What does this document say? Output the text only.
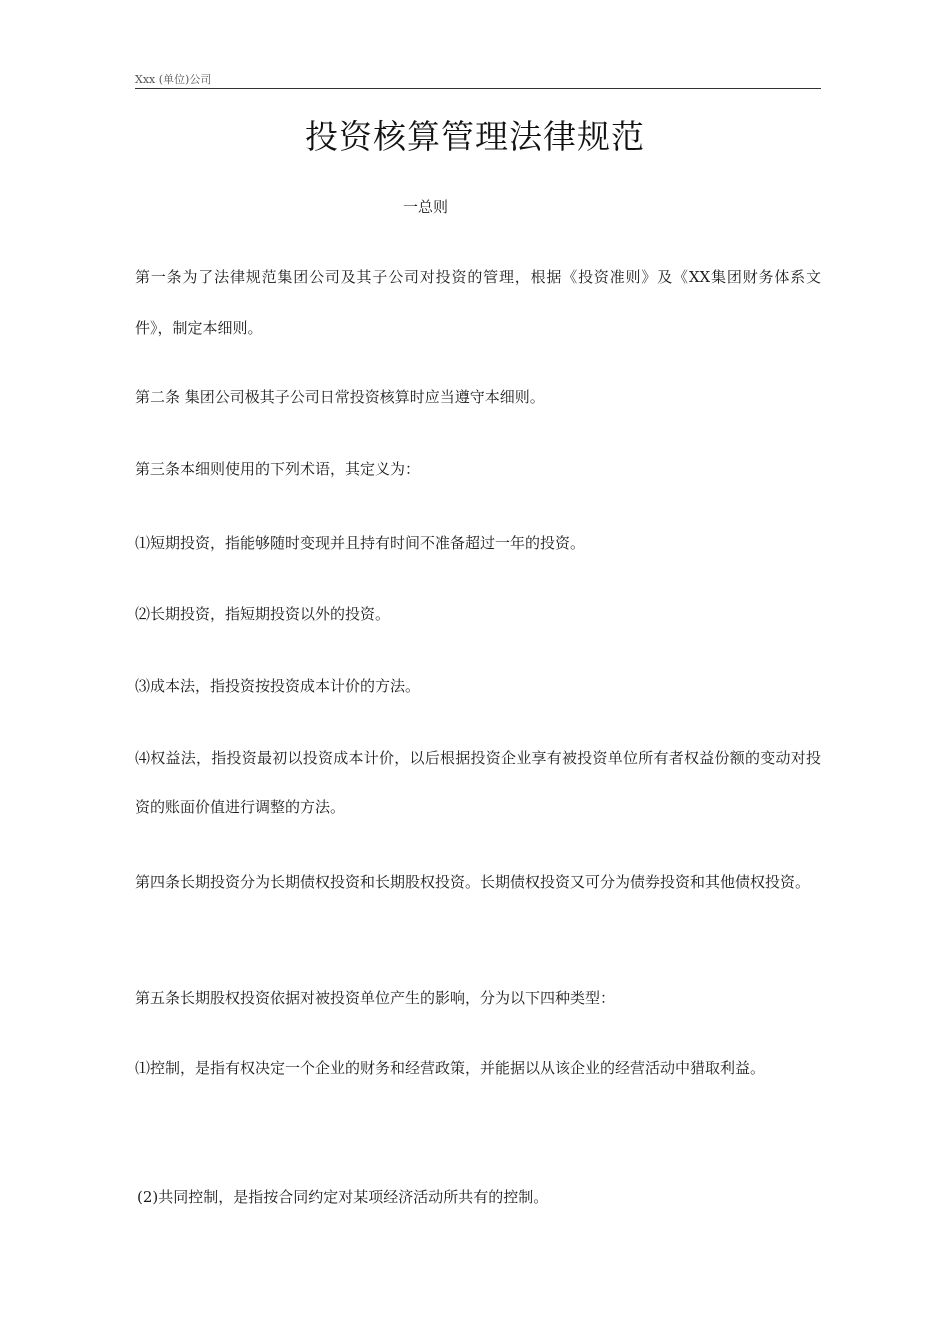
Xxx (单位)公司
投资核算管理法律规范
一总则

第一条为了法律规范集团公司及其子公司对投资的管理，根据《投资准则》及《XX集团财务体系文件》，制定本细则。

第二条 集团公司极其子公司日常投资核算时应当遵守本细则。

第三条本细则使用的下列术语，其定义为：

⑴短期投资，指能够随时变现并且持有时间不准备超过一年的投资。

⑵长期投资，指短期投资以外的投资。

⑶成本法，指投资按投资成本计价的方法。

⑷权益法，指投资最初以投资成本计价，以后根据投资企业享有被投资单位所有者权益份额的变动对投资的账面价值进行调整的方法。

第四条长期投资分为长期债权投资和长期股权投资。长期债权投资又可分为债券投资和其他债权投资。

第五条长期股权投资依据对被投资单位产生的影响，分为以下四种类型：

⑴控制，是指有权决定一个企业的财务和经营政策，并能据以从该企业的经营活动中猎取利益。

(2)共同控制，是指按合同约定对某项经济活动所共有的控制。
